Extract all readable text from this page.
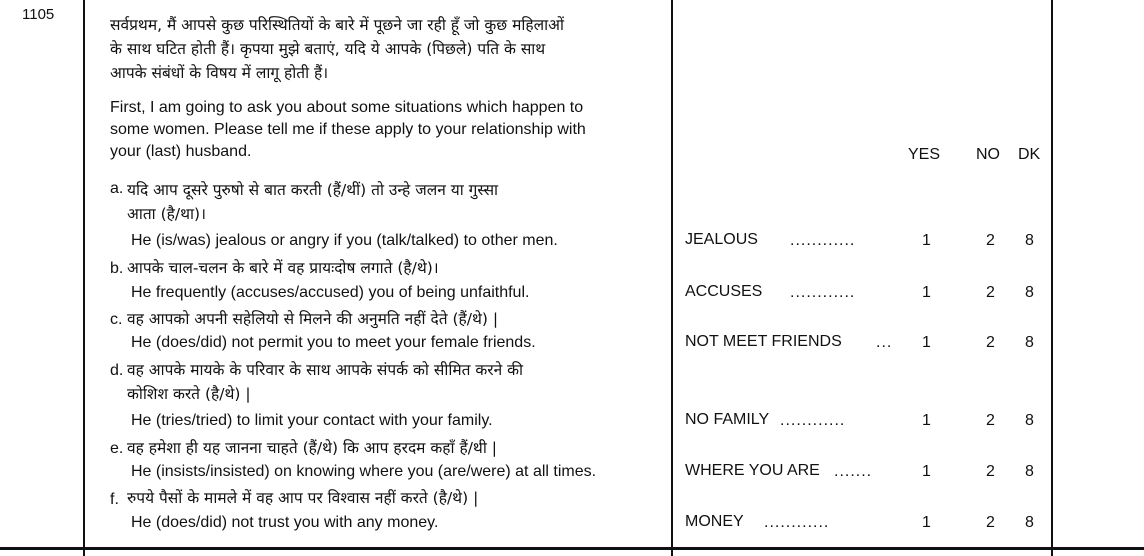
1105
सर्वप्रथम, मैं आपसे कुछ परिस्थितियों के बारे में पूछने जा रही हूँ जो कुछ महिलाओं
के साथ घटित होती हैं। कृपया मुझे बताएं, यदि ये आपके (पिछले) पति के साथ
आपके संबंधों के विषय में लागू होती हैं।
First, I am going to ask you about some situations which happen to
some women. Please tell me if these apply to your relationship with
your (last) husband.	YES NO DK
a. यदि आप दूसरे पुरुषो से बात करती (हैं/थीं) तो उन्हे जलन या गुस्सा
आता (है/था)।
He (is/was) jealous or angry if you (talk/talked) to other men.	JEALOUS ............	1	2 8
b. आपके चाल-चलन के बारे में वह प्रायःदोष लगाते (है/थे)।
He frequently (accuses/accused) you of being unfaithful.	ACCUSES ............	1	2 8
c. वह आपको अपनी सहेलियो से मिलने की अनुमति नहीं देते (हैं/थे) |
He (does/did) not permit you to meet your female friends.	NOT MEET FRIENDS ... 1	2 8
d. वह आपके मायके के परिवार के साथ आपके संपर्क को सीमित करने की
कोशिश करते (है/थे) |
He (tries/tried) to limit your contact with your family.	NO FAMILY ............	1	2 8
e. वह हमेशा ही यह जानना चाहते (हैं/थे) कि आप हरदम कहाँ हैं/थी |
He (insists/insisted) on knowing where you (are/were) at all times.	WHERE YOU ARE .......	1	2 8
f. रुपये पैसों के मामले में वह आप पर विश्वास नहीं करते (है/थे) |
He (does/did) not trust you with any money.	MONEY ............	1	2 8
